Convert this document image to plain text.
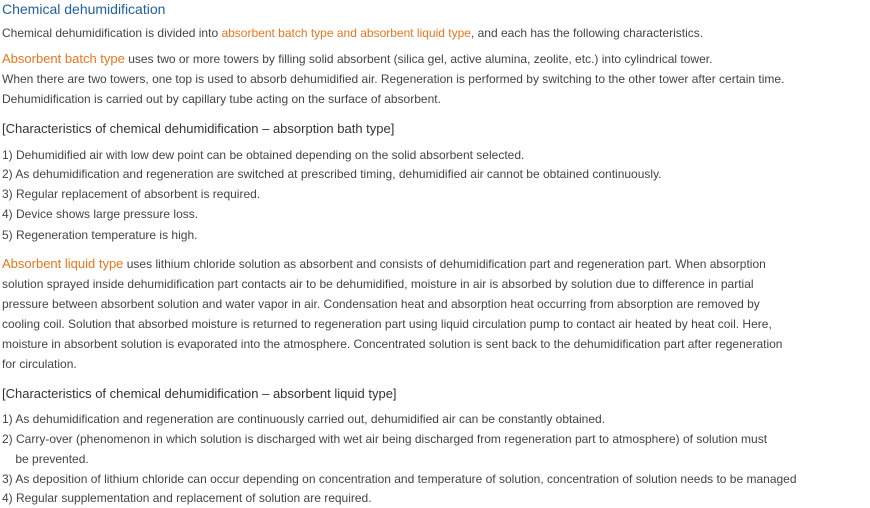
Chemical dehumidification

Chemical dehumidification is divided into absorbent batch type and absorbent liquid type, and each has the following characteristics.

Absorbent batch type uses two or more towers by filling solid absorbent (silica gel, active alumina, zeolite, etc.) into cylindrical tower.

When there are two towers, one top is used to absorb dehumidified air. Regeneration is performed by switching to the other tower after certain time.

Dehumidification is carried out by capillary tube acting on the surface of absorbent.

[Characteristics of chemical dehumidification – absorption bath type]

1) Dehumidified air with low dew point can be obtained depending on the solid absorbent selected.

2) As dehumidification and regeneration are switched at prescribed timing, dehumidified air cannot be obtained continuously.

3) Regular replacement of absorbent is required.

4) Device shows large pressure loss.

5) Regeneration temperature is high.

Absorbent liquid type uses lithium chloride solution as absorbent and consists of dehumidification part and regeneration part. When absorption

solution sprayed inside dehumidification part contacts air to be dehumidified, moisture in air is absorbed by solution due to difference in partial

pressure between absorbent solution and water vapor in air. Condensation heat and absorption heat occurring from absorption are removed by

cooling coil. Solution that absorbed moisture is returned to regeneration part using liquid circulation pump to contact air heated by heat coil. Here,

moisture in absorbent solution is evaporated into the atmosphere. Concentrated solution is sent back to the dehumidification part after regeneration

for circulation.

[Characteristics of chemical dehumidification – absorbent liquid type]

1) As dehumidification and regeneration are continuously carried out, dehumidified air can be constantly obtained.

2) Carry-over (phenomenon in which solution is discharged with wet air being discharged from regeneration part to atmosphere) of solution must

be prevented.

3) As deposition of lithium chloride can occur depending on concentration and temperature of solution, concentration of solution needs to be managed

4) Regular supplementation and replacement of solution are required.
